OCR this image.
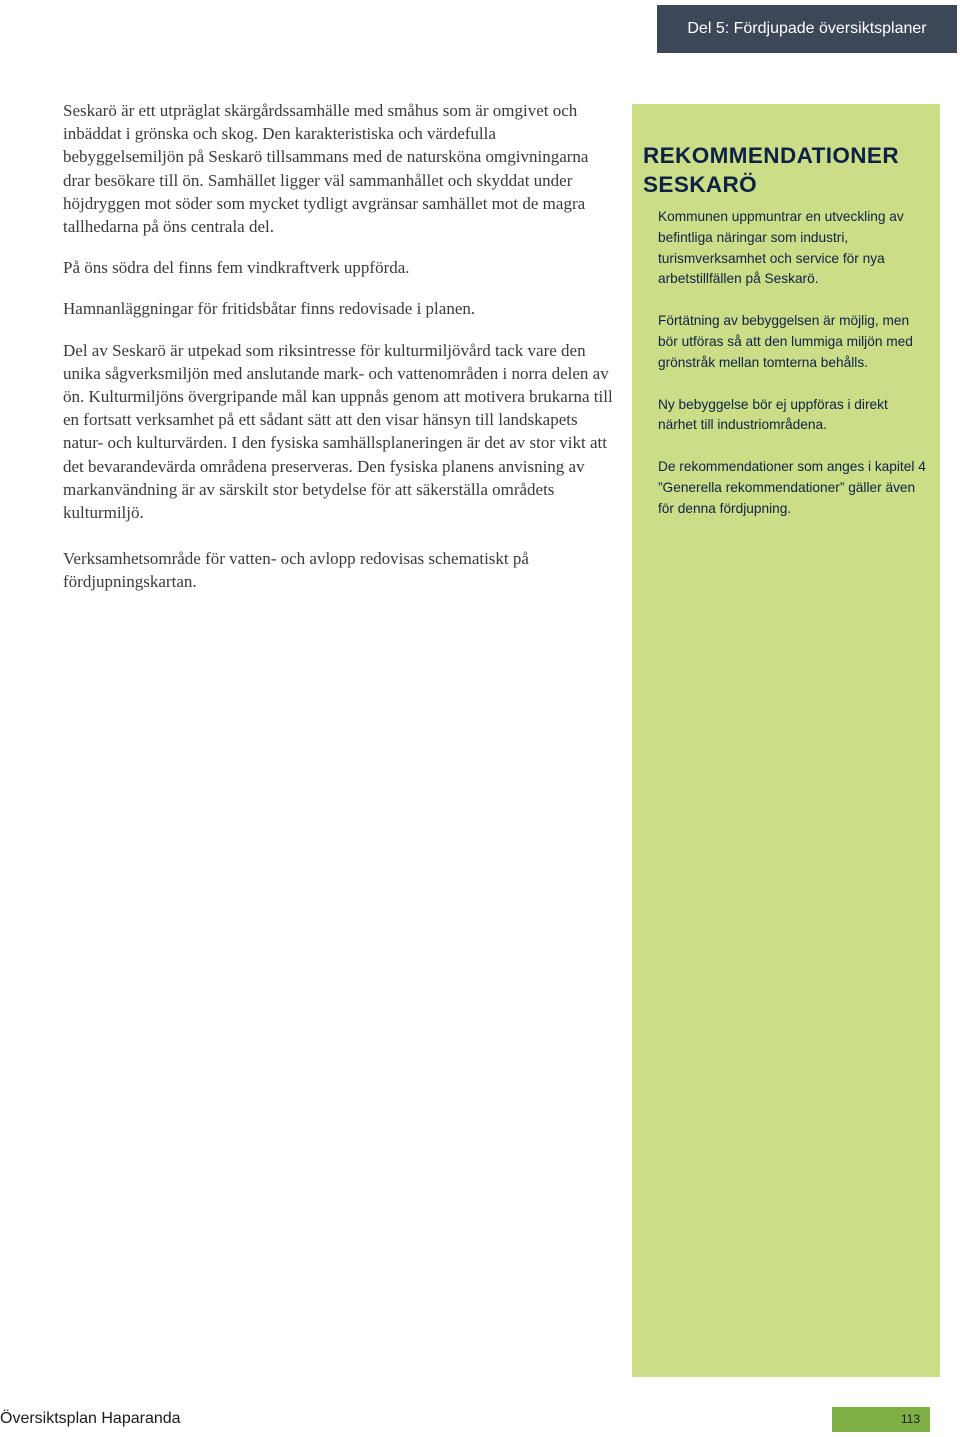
Del 5: Fördjupade översiktsplaner

Seskarö är ett utpräglat skärgårdssamhälle med småhus som är omgivet och inbäddat i grönska och skog. Den karakteristiska och värdefulla bebyggelsemiljön på Seskarö tillsammans med de natursköna omgivningarna drar besökare till ön. Samhället ligger väl sammanhållet och skyddat under höjdryggen mot söder som mycket tydligt avgränsar samhället mot de magra tallhedarna på öns centrala del.

På öns södra del finns fem vindkraftverk uppförda.

Hamnanläggningar för fritidsbåtar finns redovisade i planen.

Del av Seskarö är utpekad som riksintresse för kulturmiljövård tack vare den unika sågverksmiljön med anslutande mark- och vattenområden i norra delen av ön. Kulturmiljöns övergripande mål kan uppnås genom att motivera brukarna till en fortsatt verksamhet på ett sådant sätt att den visar hänsyn till landskapets natur- och kulturvärden. I den fysiska samhällsplaneringen är det av stor vikt att det bevarandevärda områdena preserveras. Den fysiska planens anvisning av markanvändning är av särskilt stor betydelse för att säkerställa områdets kulturmiljö.

Verksamhetsområde för vatten- och avlopp redovisas schematiskt på fördjupningskartan.

REKOMMENDATIONER SESKARÖ

Kommunen uppmuntrar en utveckling av befintliga näringar som industri, turismverksamhet och service för nya arbetstillfällen på Seskarö.

Förtätning av bebyggelsen är möjlig, men bör utföras så att den lummiga miljön med grönstråk mellan tomterna behålls.

Ny bebyggelse bör ej uppföras i direkt närhet till industriområdena.

De rekommendationer som anges i kapitel 4 ”Generella rekommendationer” gäller även för denna fördjupning.

Översiktsplan Haparanda	113
